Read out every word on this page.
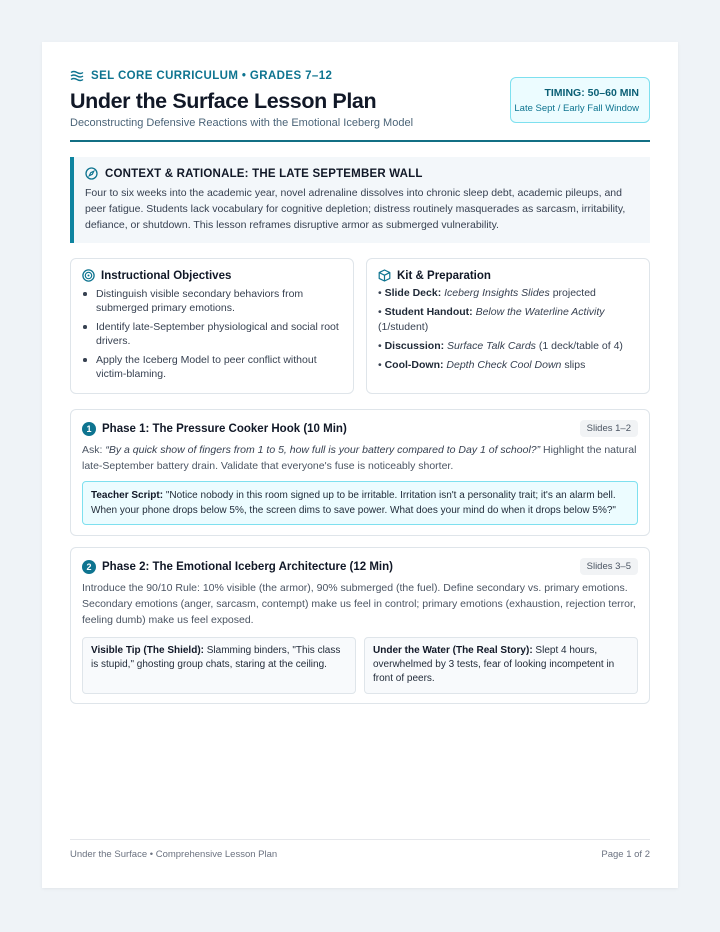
SEL CORE CURRICULUM • GRADES 7–12
Under the Surface Lesson Plan
Deconstructing Defensive Reactions with the Emotional Iceberg Model
TIMING: 50–60 MIN
Late Sept / Early Fall Window
CONTEXT & RATIONALE: THE LATE SEPTEMBER WALL
Four to six weeks into the academic year, novel adrenaline dissolves into chronic sleep debt, academic pileups, and peer fatigue. Students lack vocabulary for cognitive depletion; distress routinely masquerades as sarcasm, irritability, defiance, or shutdown. This lesson reframes disruptive armor as submerged vulnerability.
Instructional Objectives
Distinguish visible secondary behaviors from submerged primary emotions.
Identify late-September physiological and social root drivers.
Apply the Iceberg Model to peer conflict without victim-blaming.
Kit & Preparation
• Slide Deck: Iceberg Insights Slides projected
• Student Handout: Below the Waterline Activity (1/student)
• Discussion: Surface Talk Cards (1 deck/table of 4)
• Cool-Down: Depth Check Cool Down slips
1 Phase 1: The Pressure Cooker Hook (10 Min)	Slides 1–2
Ask: “By a quick show of fingers from 1 to 5, how full is your battery compared to Day 1 of school?” Highlight the natural late-September battery drain. Validate that everyone's fuse is noticeably shorter.
Teacher Script: "Notice nobody in this room signed up to be irritable. Irritation isn't a personality trait; it's an alarm bell. When your phone drops below 5%, the screen dims to save power. What does your mind do when it drops below 5%?"
2 Phase 2: The Emotional Iceberg Architecture (12 Min)	Slides 3–5
Introduce the 90/10 Rule: 10% visible (the armor), 90% submerged (the fuel). Define secondary vs. primary emotions. Secondary emotions (anger, sarcasm, contempt) make us feel in control; primary emotions (exhaustion, rejection terror, feeling dumb) make us feel exposed.
Visible Tip (The Shield): Slamming binders, "This class is stupid," ghosting group chats, staring at the ceiling.
Under the Water (The Real Story): Slept 4 hours, overwhelmed by 3 tests, fear of looking incompetent in front of peers.
Under the Surface • Comprehensive Lesson Plan	Page 1 of 2
